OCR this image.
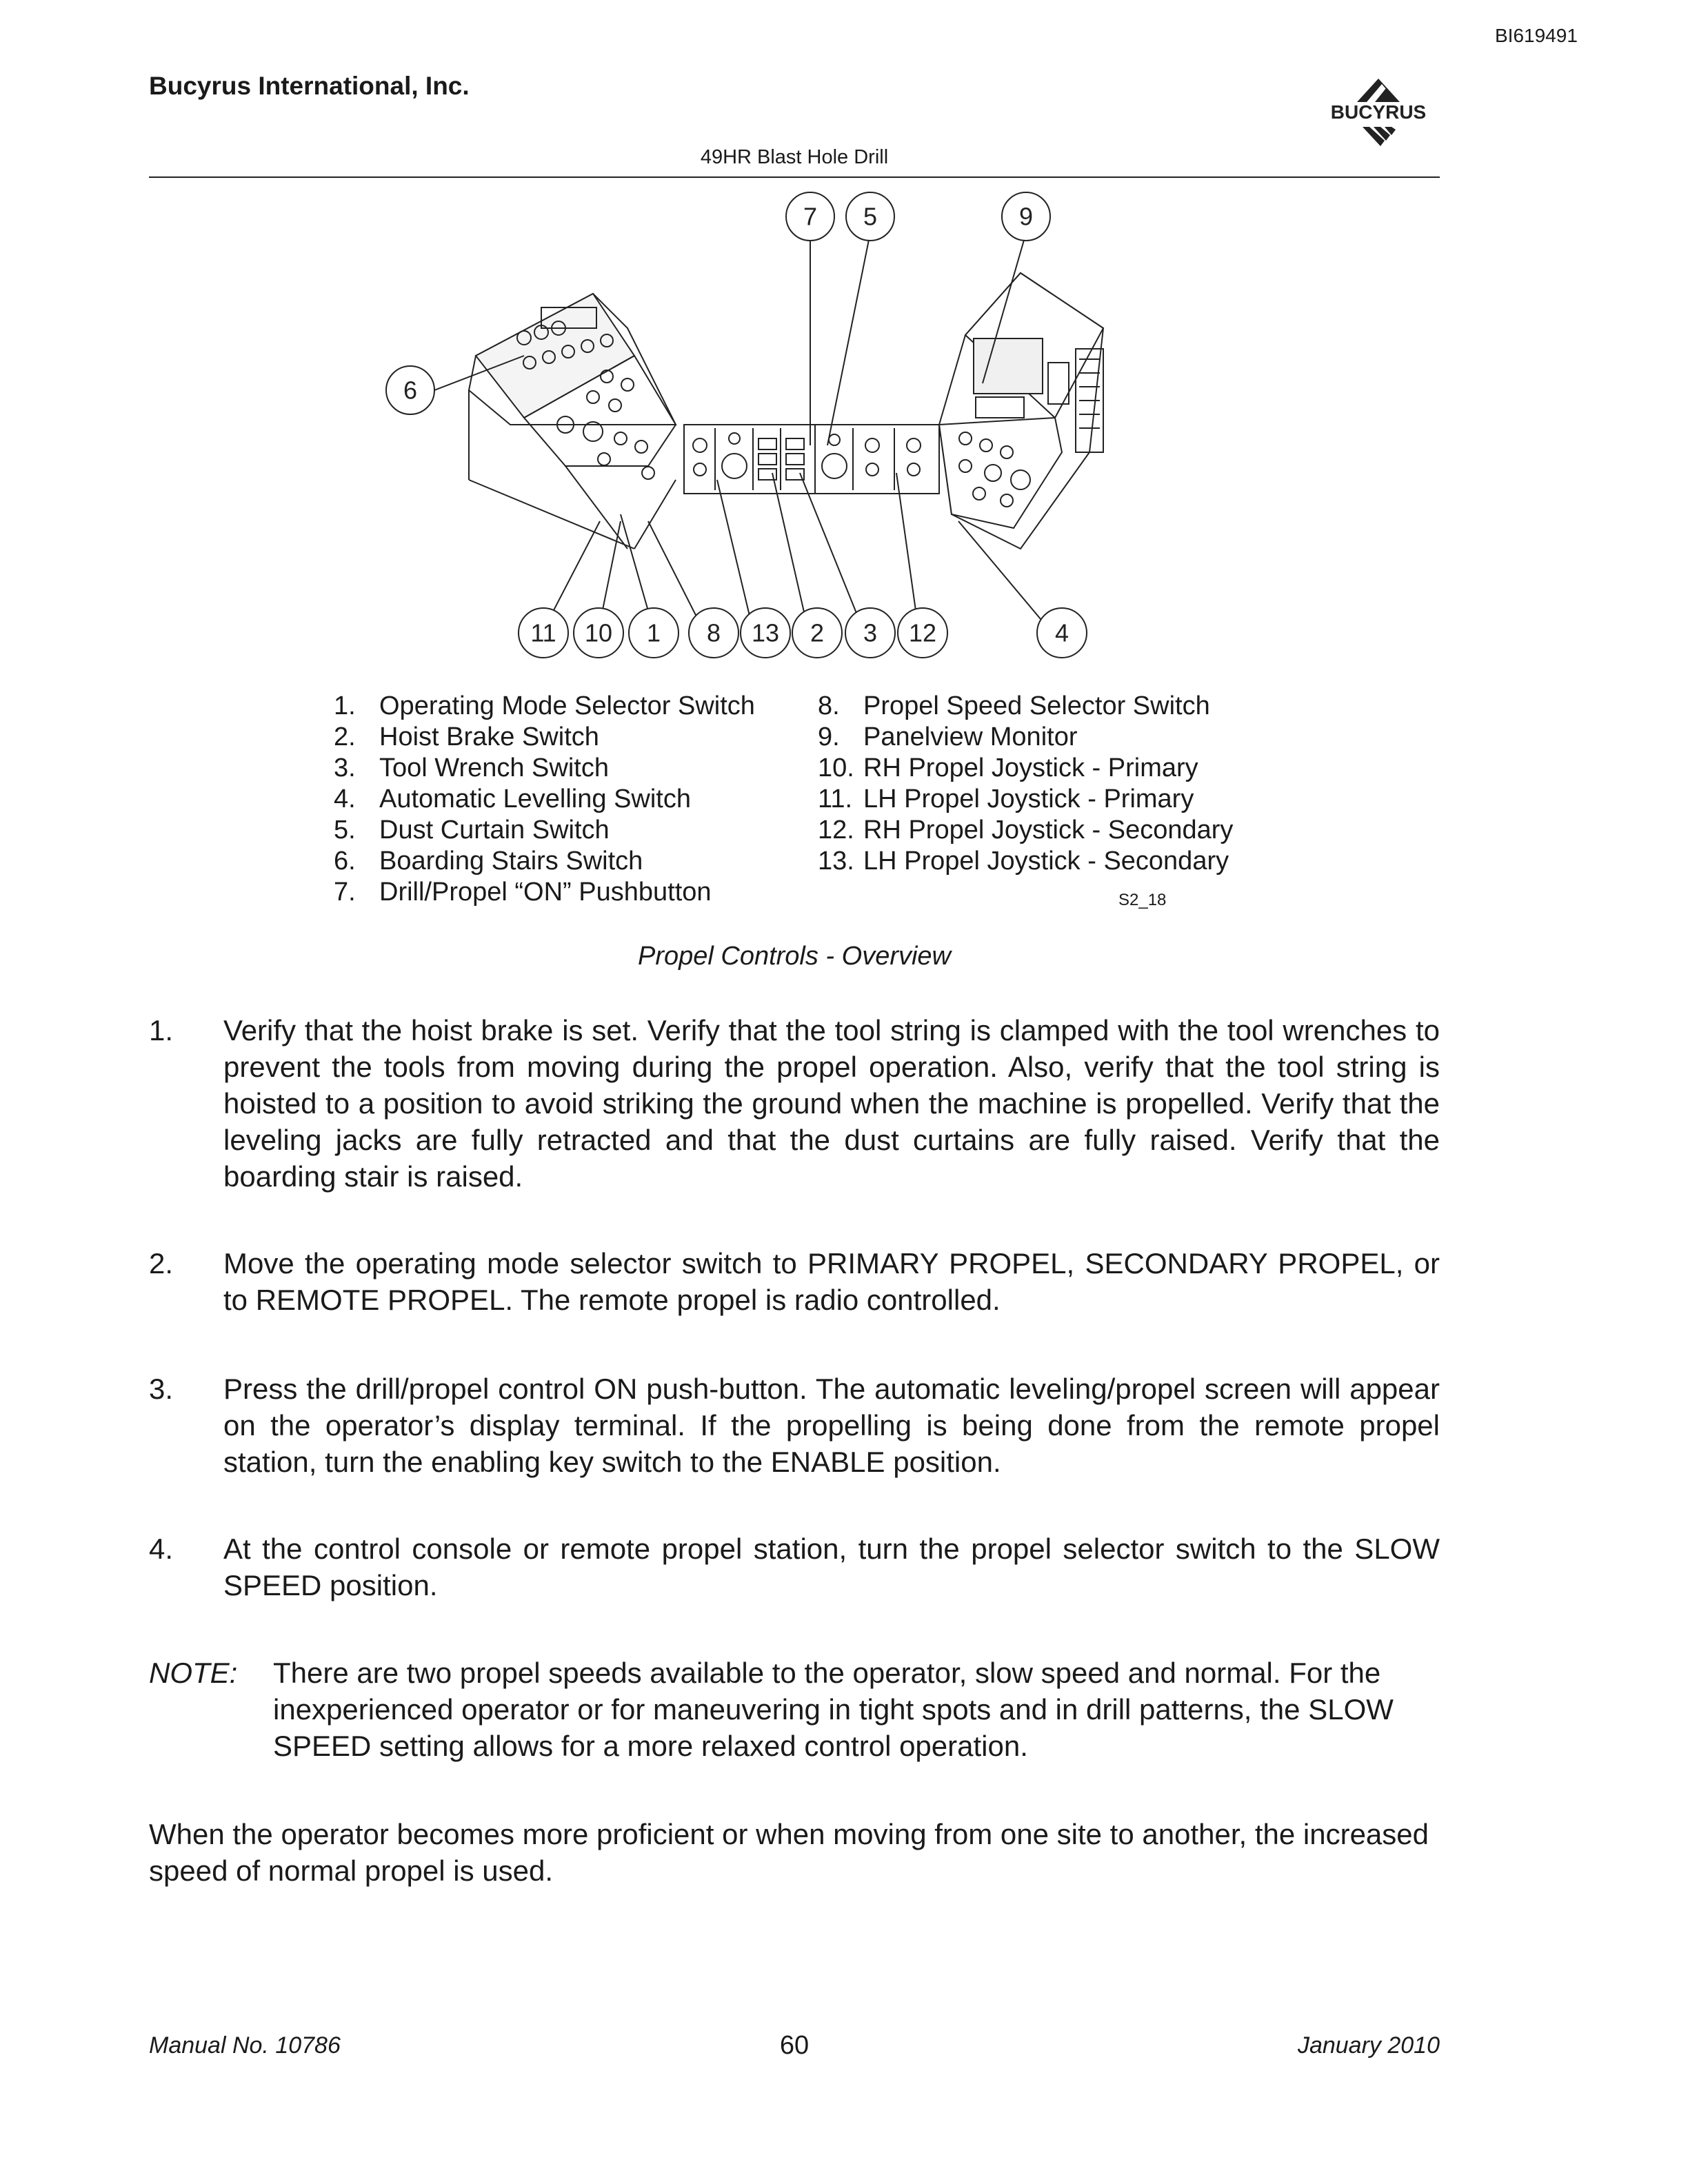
BI619491
Bucyrus International, Inc.
BUCYRUS
49HR Blast Hole Drill
7 5	9
6
11 10 1 8 13 2 3 12	4
1. Operating Mode Selector Switch
2. Hoist Brake Switch
3. Tool Wrench Switch
4. Automatic Levelling Switch
5. Dust Curtain Switch
6. Boarding Stairs Switch
7. Drill/Propel “ON” Pushbutton
8. Propel Speed Selector Switch
9. Panelview Monitor
10. RH Propel Joystick - Primary
11. LH Propel Joystick - Primary
12. RH Propel Joystick - Secondary
13. LH Propel Joystick - Secondary
S2_18
Propel Controls - Overview
1.	Verify that the hoist brake is set. Verify that the tool string is clamped with the tool wrenches to prevent the tools from moving during the propel operation. Also, verify that the tool string is hoisted to a position to avoid striking the ground when the machine is propelled. Verify that the leveling jacks are fully retracted and that the dust curtains are fully raised. Verify that the boarding stair is raised.
2.	Move the operating mode selector switch to PRIMARY PROPEL, SECONDARY PROPEL, or to REMOTE PROPEL. The remote propel is radio controlled.
3.	Press the drill/propel control ON push-button. The automatic leveling/propel screen will appear on the operator’s display terminal. If the propelling is being done from the remote propel station, turn the enabling key switch to the ENABLE position.
4.	At the control console or remote propel station, turn the propel selector switch to the SLOW SPEED position.
NOTE:	There are two propel speeds available to the operator, slow speed and normal. For the inexperienced operator or for maneuvering in tight spots and in drill patterns, the SLOW SPEED setting allows for a more relaxed control operation.
When the operator becomes more proficient or when moving from one site to another, the increased speed of normal propel is used.
Manual No. 10786	60	January 2010
